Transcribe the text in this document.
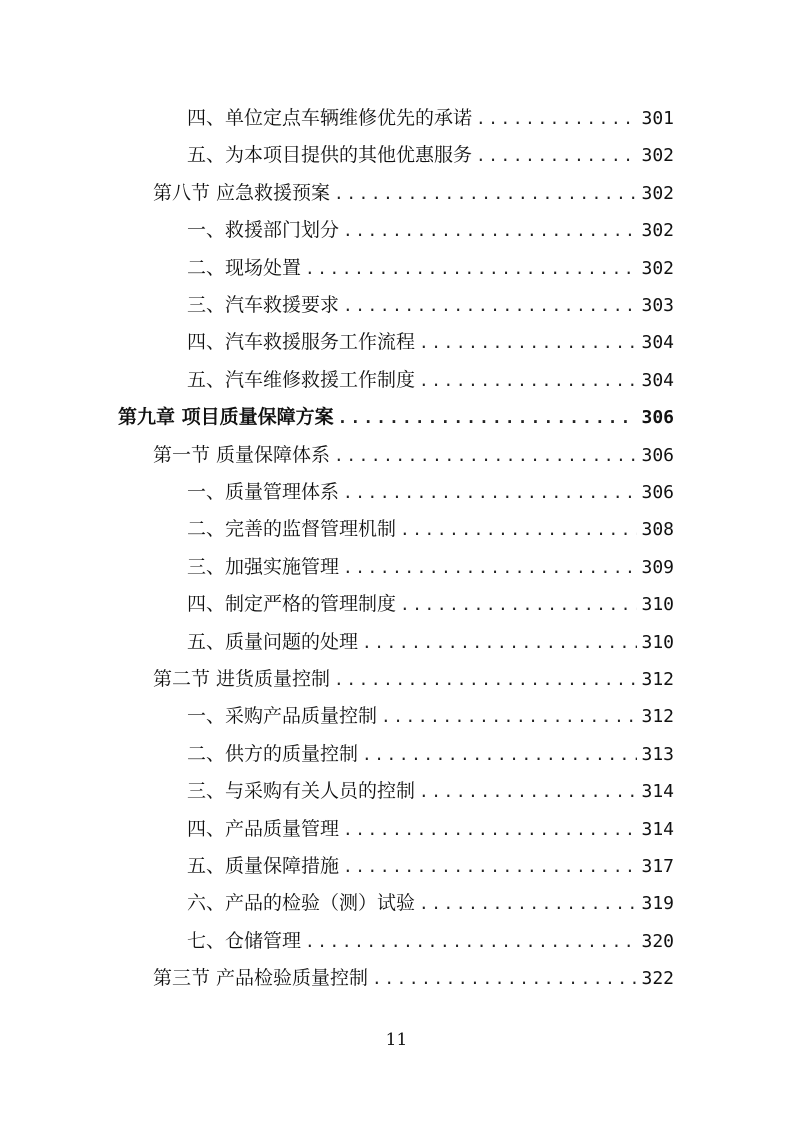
四、单位定点车辆维修优先的承诺 . . .	301
五、为本项目提供的其他优惠服务 . . .	302
第八节 应急救援预案 . . .	302
一、救援部门划分 . . .	302
二、现场处置 . . .	302
三、汽车救援要求 . . .	303
四、汽车救援服务工作流程 . . .	304
五、汽车维修救援工作制度 . . .	304
第九章 项目质量保障方案 . . .	306
第一节 质量保障体系 . . .	306
一、质量管理体系 . . .	306
二、完善的监督管理机制 . . .	308
三、加强实施管理 . . .	309
四、制定严格的管理制度 . . .	310
五、质量问题的处理 . . .	310
第二节 进货质量控制 . . .	312
一、采购产品质量控制 . . .	312
二、供方的质量控制 . . .	313
三、与采购有关人员的控制 . . .	314
四、产品质量管理 . . .	314
五、质量保障措施 . . .	317
六、产品的检验（测）试验 . . .	319
七、仓储管理 . . .	320
第三节 产品检验质量控制 . . .	322
11
